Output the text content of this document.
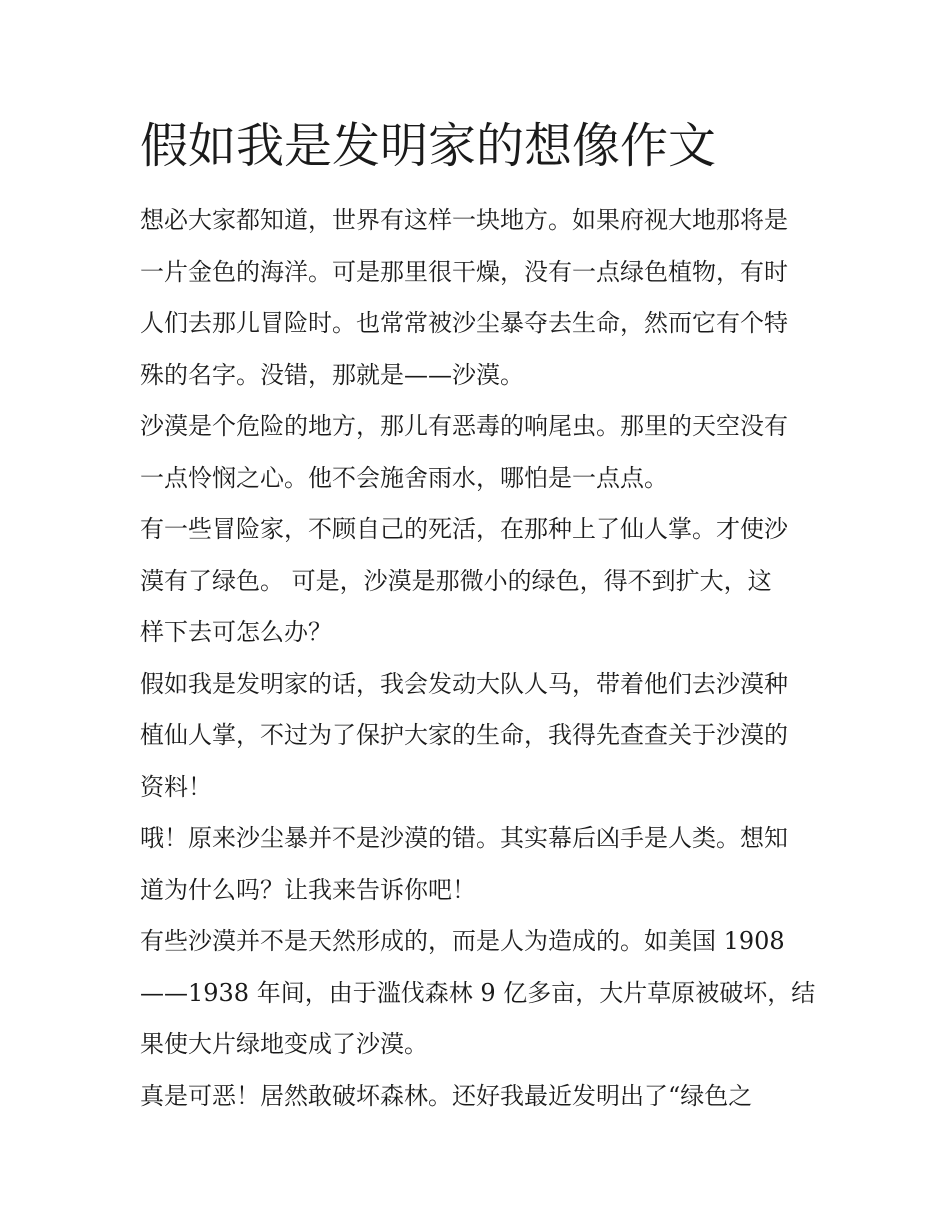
假如我是发明家的想像作文

想必大家都知道，世界有这样一块地方。如果府视大地那将是
一片金色的海洋。可是那里很干燥，没有一点绿色植物，有时
人们去那儿冒险时。也常常被沙尘暴夺去生命，然而它有个特
殊的名字。没错，那就是——沙漠。

沙漠是个危险的地方，那儿有恶毒的响尾虫。那里的天空没有
一点怜悯之心。他不会施舍雨水，哪怕是一点点。

有一些冒险家，不顾自己的死活，在那种上了仙人掌。才使沙
漠有了绿色。 可是，沙漠是那微小的绿色，得不到扩大，这
样下去可怎么办？

假如我是发明家的话，我会发动大队人马，带着他们去沙漠种
植仙人掌，不过为了保护大家的生命，我得先查查关于沙漠的
资料！

哦！原来沙尘暴并不是沙漠的错。其实幕后凶手是人类。想知
道为什么吗？让我来告诉你吧！

有些沙漠并不是天然形成的，而是人为造成的。如美国 1908
——1938 年间，由于滥伐森林 9 亿多亩，大片草原被破坏，结
果使大片绿地变成了沙漠。

真是可恶！居然敢破坏森林。还好我最近发明出了“绿色之
